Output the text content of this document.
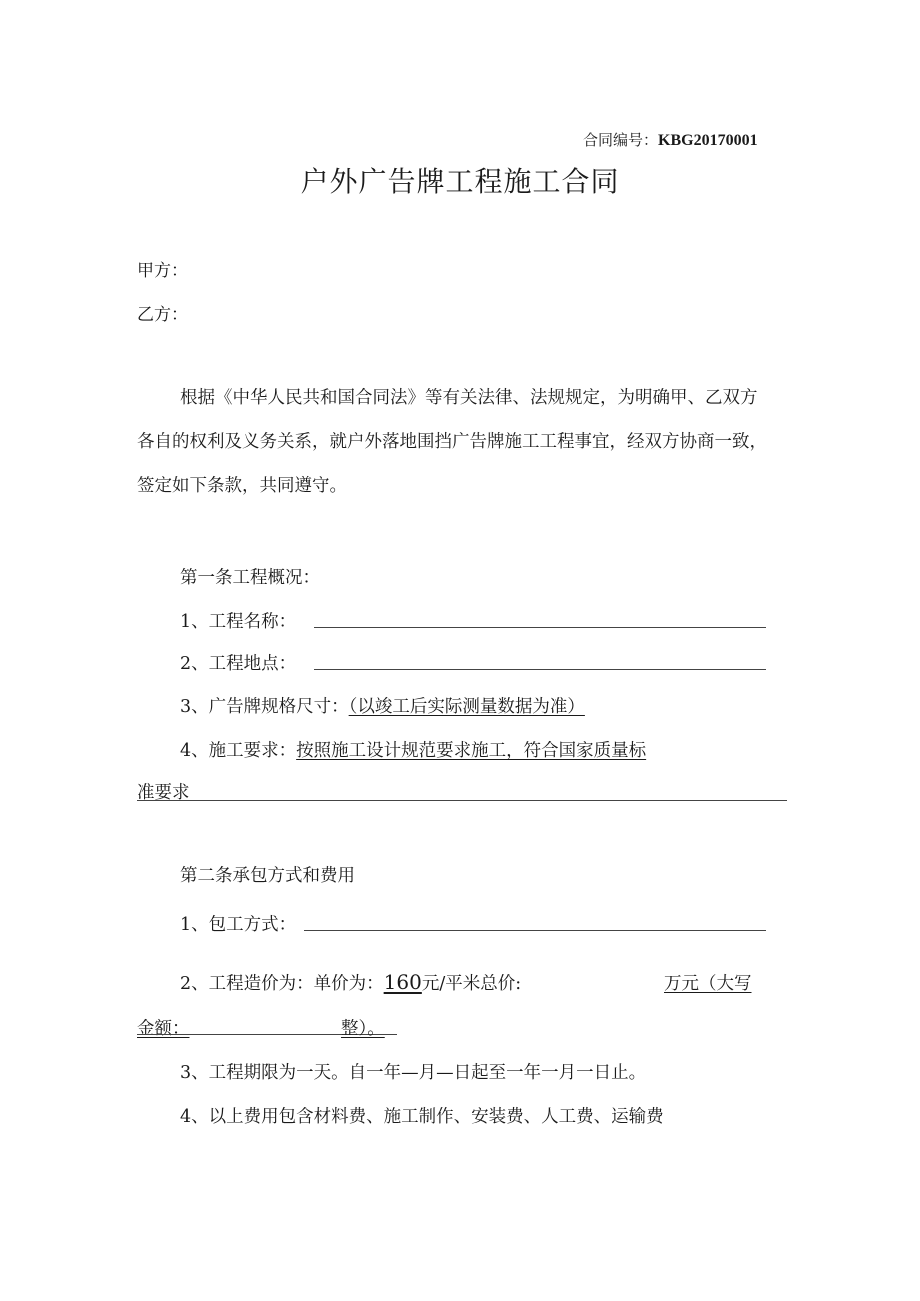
合同编号：KBG20170001
户外广告牌工程施工合同
甲方：
乙方：
根据《中华人民共和国合同法》等有关法律、法规规定，为明确甲、乙双方
各自的权利及义务关系，就户外落地围挡广告牌施工工程事宜，经双方协商一致，
签定如下条款，共同遵守。
第一条工程概况：
1、工程名称：
2、工程地点：
3、广告牌规格尺寸：（以竣工后实际测量数据为准）
4、施工要求：按照施工设计规范要求施工，符合国家质量标
准要求
第二条承包方式和费用
1、包工方式：
2、工程造价为：单价为：160元/平米总价:	万元（大写
金额：	整）。
3、工程期限为一天。自一年—月—日起至一年一月一日止。
4、以上费用包含材料费、施工制作、安装费、人工费、运输费
